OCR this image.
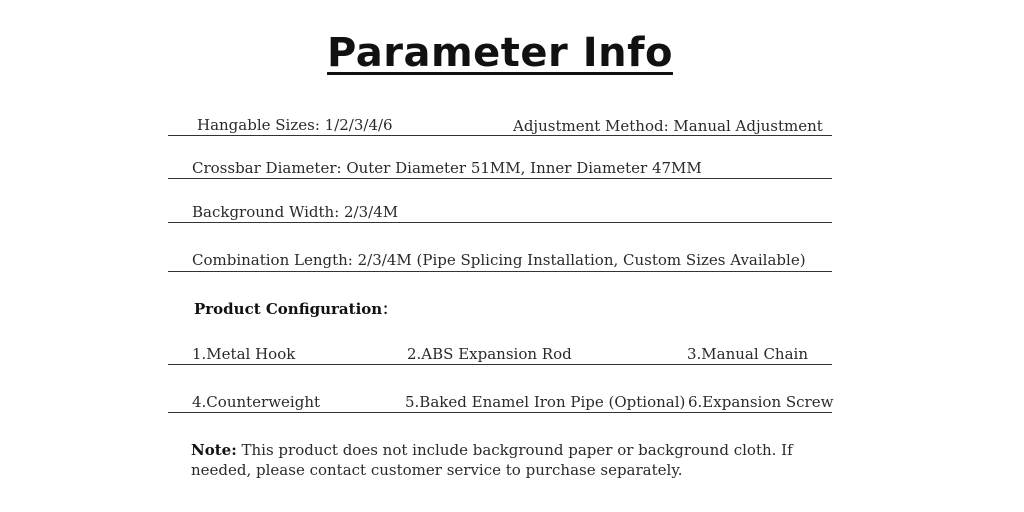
Parameter Info
Hangable Sizes: 1/2/3/4/6	Adjustment Method: Manual Adjustment
Crossbar Diameter: Outer Diameter 51MM, Inner Diameter 47MM
Background Width: 2/3/4M
Combination Length: 2/3/4M (Pipe Splicing Installation, Custom Sizes Available)
Product Configuration：
1.Metal Hook	2.ABS Expansion Rod	3.Manual Chain
4.Counterweight	5.Baked Enamel Iron Pipe (Optional) 6.Expansion Screw
Note: This product does not include background paper or background cloth. If needed, please contact customer service to purchase separately.
